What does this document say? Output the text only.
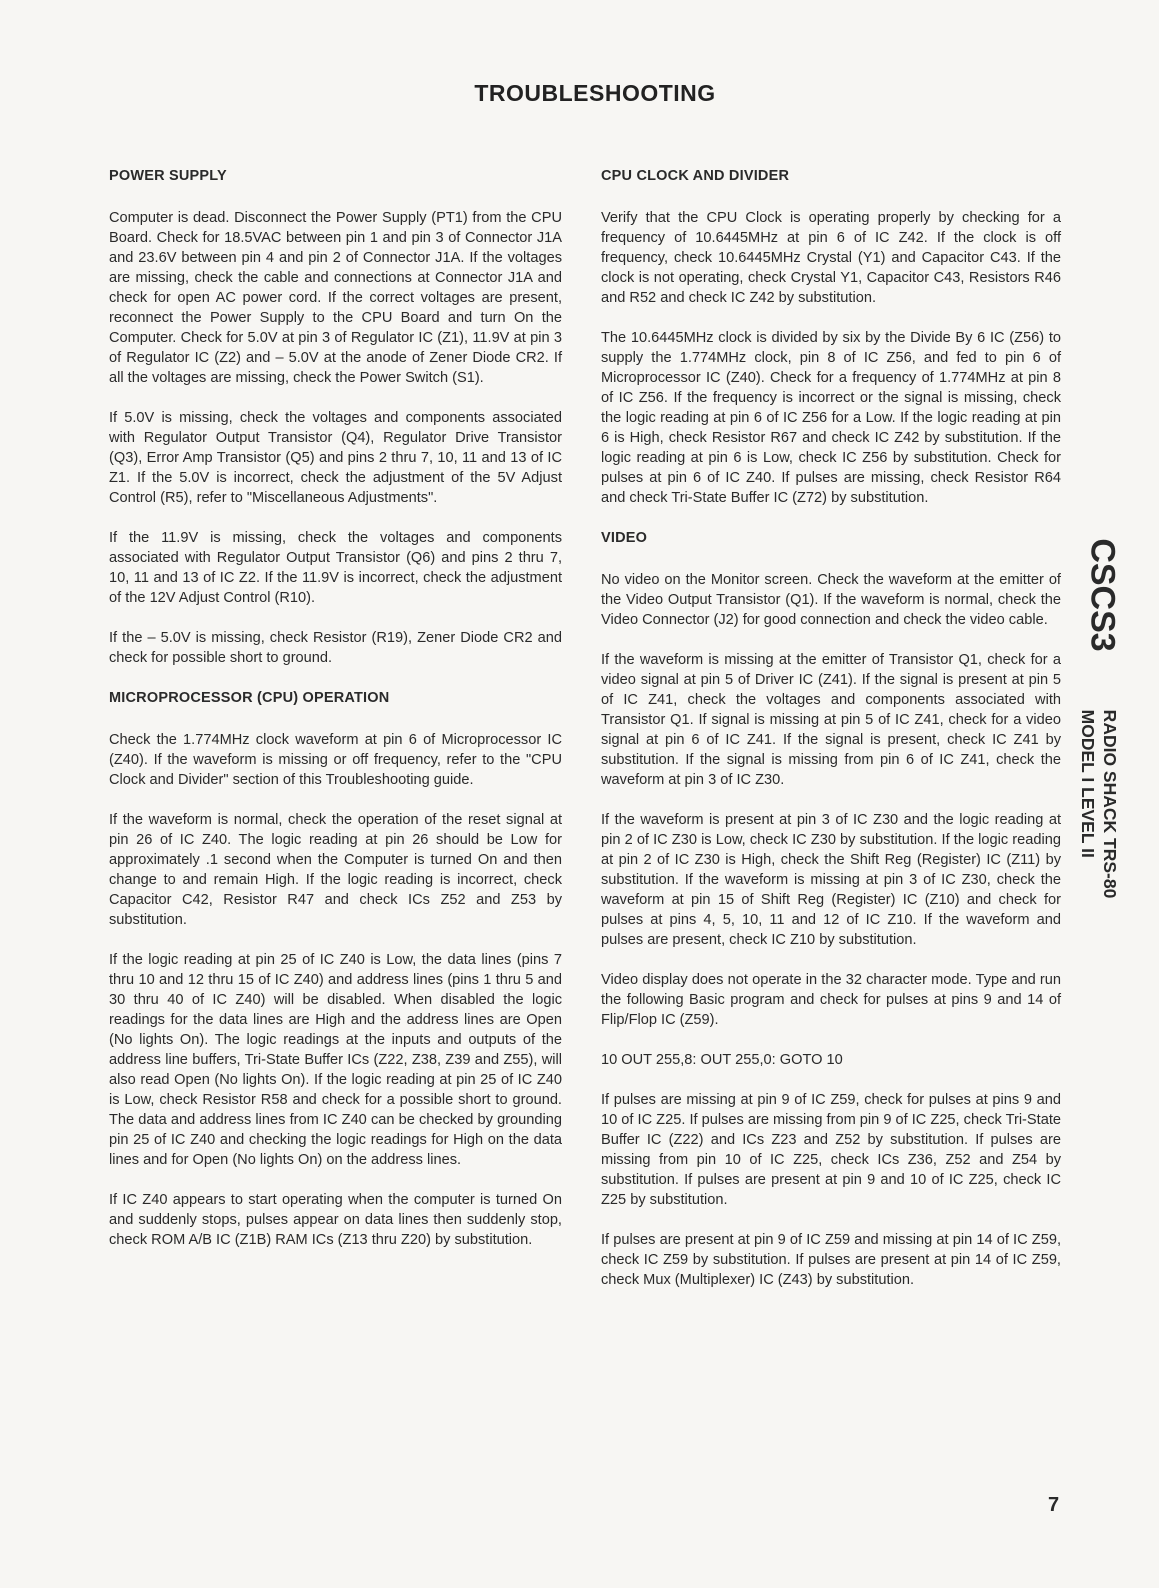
TROUBLESHOOTING
POWER SUPPLY

Computer is dead. Disconnect the Power Supply (PT1) from the CPU Board. Check for 18.5VAC between pin 1 and pin 3 of Connector J1A and 23.6V between pin 4 and pin 2 of Connector J1A. If the voltages are missing, check the cable and connections at Connector J1A and check for open AC power cord. If the correct voltages are present, reconnect the Power Supply to the CPU Board and turn On the Computer. Check for 5.0V at pin 3 of Regulator IC (Z1), 11.9V at pin 3 of Regulator IC (Z2) and – 5.0V at the anode of Zener Diode CR2. If all the voltages are missing, check the Power Switch (S1).

If 5.0V is missing, check the voltages and components associated with Regulator Output Transistor (Q4), Regulator Drive Transistor (Q3), Error Amp Transistor (Q5) and pins 2 thru 7, 10, 11 and 13 of IC Z1. If the 5.0V is incorrect, check the adjustment of the 5V Adjust Control (R5), refer to "Miscellaneous Adjustments".

If the 11.9V is missing, check the voltages and components associated with Regulator Output Transistor (Q6) and pins 2 thru 7, 10, 11 and 13 of IC Z2. If the 11.9V is incorrect, check the adjustment of the 12V Adjust Control (R10).

If the – 5.0V is missing, check Resistor (R19), Zener Diode CR2 and check for possible short to ground.

MICROPROCESSOR (CPU) OPERATION

Check the 1.774MHz clock waveform at pin 6 of Microprocessor IC (Z40). If the waveform is missing or off frequency, refer to the "CPU Clock and Divider" section of this Troubleshooting guide.

If the waveform is normal, check the operation of the reset signal at pin 26 of IC Z40. The logic reading at pin 26 should be Low for approximately .1 second when the Computer is turned On and then change to and remain High. If the logic reading is incorrect, check Capacitor C42, Resistor R47 and check ICs Z52 and Z53 by substitution.

If the logic reading at pin 25 of IC Z40 is Low, the data lines (pins 7 thru 10 and 12 thru 15 of IC Z40) and address lines (pins 1 thru 5 and 30 thru 40 of IC Z40) will be disabled. When disabled the logic readings for the data lines are High and the address lines are Open (No lights On). The logic readings at the inputs and outputs of the address line buffers, Tri-State Buffer ICs (Z22, Z38, Z39 and Z55), will also read Open (No lights On). If the logic reading at pin 25 of IC Z40 is Low, check Resistor R58 and check for a possible short to ground. The data and address lines from IC Z40 can be checked by grounding pin 25 of IC Z40 and checking the logic readings for High on the data lines and for Open (No lights On) on the address lines.

If IC Z40 appears to start operating when the computer is turned On and suddenly stops, pulses appear on data lines then suddenly stop, check ROM A/B IC (Z1B) RAM ICs (Z13 thru Z20) by substitution.

CPU CLOCK AND DIVIDER

Verify that the CPU Clock is operating properly by checking for a frequency of 10.6445MHz at pin 6 of IC Z42. If the clock is off frequency, check 10.6445MHz Crystal (Y1) and Capacitor C43. If the clock is not operating, check Crystal Y1, Capacitor C43, Resistors R46 and R52 and check IC Z42 by substitution.

The 10.6445MHz clock is divided by six by the Divide By 6 IC (Z56) to supply the 1.774MHz clock, pin 8 of IC Z56, and fed to pin 6 of Microprocessor IC (Z40). Check for a frequency of 1.774MHz at pin 8 of IC Z56. If the frequency is incorrect or the signal is missing, check the logic reading at pin 6 of IC Z56 for a Low. If the logic reading at pin 6 is High, check Resistor R67 and check IC Z42 by substitution. If the logic reading at pin 6 is Low, check IC Z56 by substitution. Check for pulses at pin 6 of IC Z40. If pulses are missing, check Resistor R64 and check Tri-State Buffer IC (Z72) by substitution.

VIDEO

No video on the Monitor screen. Check the waveform at the emitter of the Video Output Transistor (Q1). If the waveform is normal, check the Video Connector (J2) for good connection and check the video cable.

If the waveform is missing at the emitter of Transistor Q1, check for a video signal at pin 5 of Driver IC (Z41). If the signal is present at pin 5 of IC Z41, check the voltages and components associated with Transistor Q1. If signal is missing at pin 5 of IC Z41, check for a video signal at pin 6 of IC Z41. If the signal is present, check IC Z41 by substitution. If the signal is missing from pin 6 of IC Z41, check the waveform at pin 3 of IC Z30.

If the waveform is present at pin 3 of IC Z30 and the logic reading at pin 2 of IC Z30 is Low, check IC Z30 by substitution. If the logic reading at pin 2 of IC Z30 is High, check the Shift Reg (Register) IC (Z11) by substitution. If the waveform is missing at pin 3 of IC Z30, check the waveform at pin 15 of Shift Reg (Register) IC (Z10) and check for pulses at pins 4, 5, 10, 11 and 12 of IC Z10. If the waveform and pulses are present, check IC Z10 by substitution.

Video display does not operate in the 32 character mode. Type and run the following Basic program and check for pulses at pins 9 and 14 of Flip/Flop IC (Z59).

10 OUT 255,8: OUT 255,0: GOTO 10

If pulses are missing at pin 9 of IC Z59, check for pulses at pins 9 and 10 of IC Z25. If pulses are missing from pin 9 of IC Z25, check Tri-State Buffer IC (Z22) and ICs Z23 and Z52 by substitution. If pulses are missing from pin 10 of IC Z25, check ICs Z36, Z52 and Z54 by substitution. If pulses are present at pin 9 and 10 of IC Z25, check IC Z25 by substitution.

If pulses are present at pin 9 of IC Z59 and missing at pin 14 of IC Z59, check IC Z59 by substitution. If pulses are present at pin 14 of IC Z59, check Mux (Multiplexer) IC (Z43) by substitution.

CSCS3
RADIO SHACK TRS-80
MODEL I LEVEL II
7
